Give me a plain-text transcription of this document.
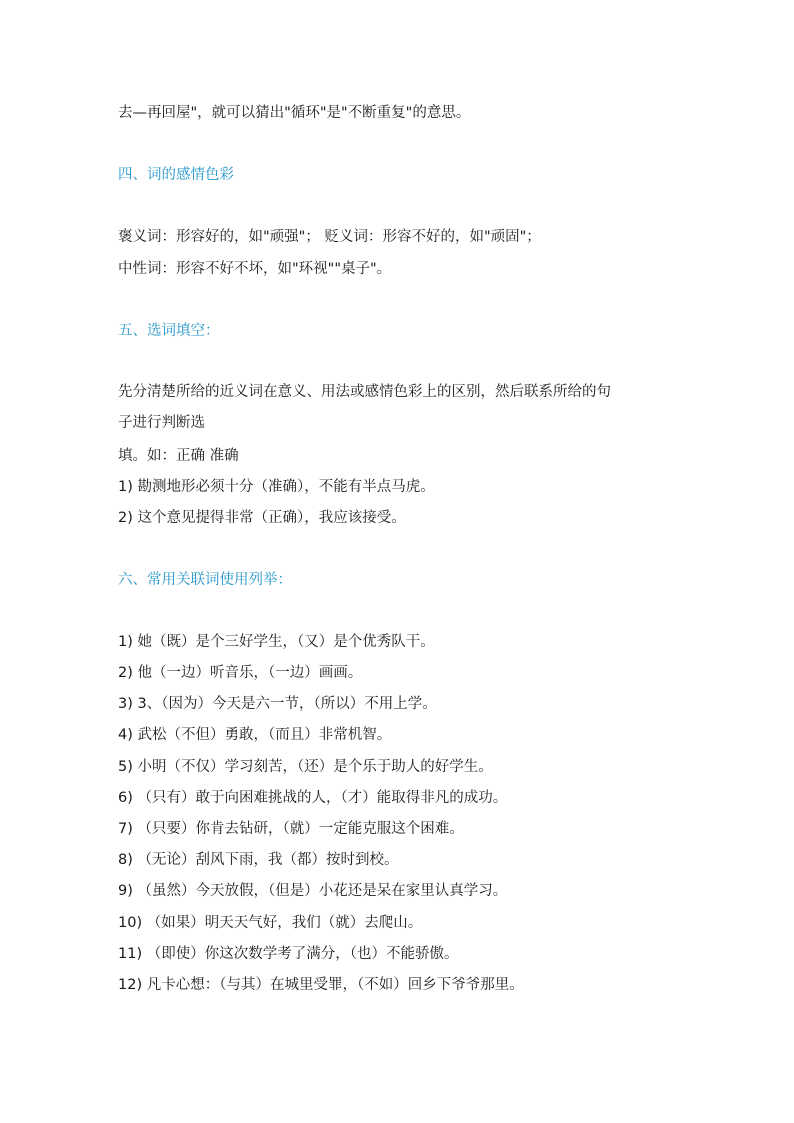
去—再回屋"，就可以猜出"循环"是"不断重复"的意思。
四、词的感情色彩
褒义词：形容好的，如"顽强"； 贬义词：形容不好的，如"顽固"；
中性词：形容不好不坏，如"环视""桌子"。
五、选词填空：
先分清楚所给的近义词在意义、用法或感情色彩上的区别，然后联系所给的句
子进行判断选
填。如：正确 准确
1) 勘测地形必须十分（准确），不能有半点马虎。
2) 这个意见提得非常（正确），我应该接受。
六、常用关联词使用列举：
1) 她（既）是个三好学生，（又）是个优秀队干。
2) 他（一边）听音乐，（一边）画画。
3) 3、（因为）今天是六一节，（所以）不用上学。
4) 武松（不但）勇敢，（而且）非常机智。
5) 小明（不仅）学习刻苦，（还）是个乐于助人的好学生。
6) （只有）敢于向困难挑战的人，（才）能取得非凡的成功。
7) （只要）你肯去钻研，（就）一定能克服这个困难。
8) （无论）刮风下雨，我（都）按时到校。
9) （虽然）今天放假，（但是）小花还是呆在家里认真学习。
10) （如果）明天天气好，我们（就）去爬山。
11) （即使）你这次数学考了满分，（也）不能骄傲。
12) 凡卡心想：（与其）在城里受罪，（不如）回乡下爷爷那里。
